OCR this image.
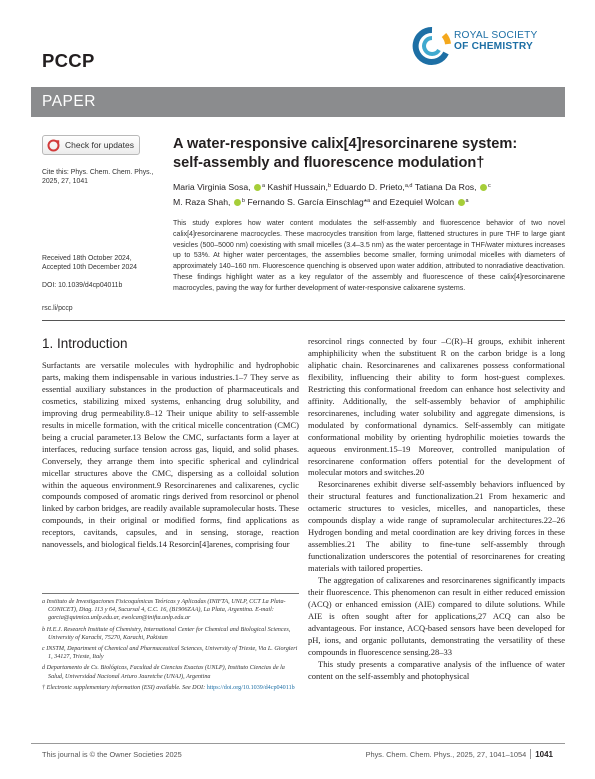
PCCP
ROYAL SOCIETY
OF CHEMISTRY
PAPER
Check for updates
Cite this: Phys. Chem. Chem. Phys.,
2025, 27, 1041
Received 18th October 2024,
Accepted 10th December 2024
DOI: 10.1039/d4cp04011b
rsc.li/pccp
A water-responsive calix[4]resorcinarene system:
self-assembly and fluorescence modulation†
Maria Virginia Sosa, $^a$ Kashif Hussain,$^b$ Eduardo D. Prieto,$^{a,d}$ Tatiana Da Ros, $^c$
M. Raza Shah, $^b$ Fernando S. García Einschlag*$^a$ and Ezequiel Wolcan $^a$
This study explores how water content modulates the self-assembly and fluorescence behavior of two novel calix[4]resorcinarene macrocycles. These macrocycles transition from large, flattened structures in pure THF to large giant vesicles (500–5000 nm) coexisting with small micelles (3.4–3.5 nm) as the water percentage in THF/water mixtures increases up to 53%. At higher water percentages, the assemblies become smaller, forming unimodal micelles with diameters of approximately 140–160 nm. Fluorescence quenching is observed upon water addition, attributed to nonradiative deactivation. These findings highlight water as a key regulator of the assembly and fluorescence of these calix[4]resorcinarene macrocycles, paving the way for further development of water-responsive calixarene systems.
1. Introduction

Surfactants are versatile molecules with hydrophilic and hydrophobic parts, making them indispensable in various industries.1–7 They serve as essential auxiliary substances in the production of pharmaceuticals and cosmetics, stabilizing mixed systems, enhancing drug solubility, and improving drug permeability.8–12 Their unique ability to self-assemble results in micelle formation, with the critical micelle concentration (CMC) being a crucial parameter.13 Below the CMC, surfactants form a layer at interfaces, reducing surface tension across gas, liquid, and solid phases. Conversely, they arrange them into specific spherical and cylindrical micellar structures above the CMC, dispersing as a colloidal solution within the aqueous environment.9 Resorcinarenes and calixarenes, cyclic compounds composed of aromatic rings derived from resorcinol or phenol linked by carbon bridges, are readily available supramolecular hosts. These compounds, in their original or modified forms, find applications as receptors, cavitands, capsules, and in sensing, storage, reaction nanovessels, and biological fields.14 Resorcin[4]arenes, comprising four

resorcinol rings connected by four –C(R)–H groups, exhibit inherent amphiphilicity when the substituent R on the carbon bridge is a long aliphatic chain. Resorcinarenes and calixarenes possess conformational flexibility, influencing their ability to form host-guest complexes. Restricting this conformational freedom can enhance host selectivity and affinity. Additionally, the self-assembly behavior of amphiphilic resorcinarenes, including water solubility and aggregate dimensions, is modulated by conformational dynamics. Self-assembly can mitigate conformational mobility by orienting hydrophilic moieties towards the aqueous environment.15–19 Moreover, controlled manipulation of resorcinarene conformation offers potential for the development of molecular motors and switches.20

Resorcinarenes exhibit diverse self-assembly behaviors influenced by their structural features and functionalization.21 From hexameric and octameric structures to vesicles, micelles, and nanoparticles, these compounds display a wide range of supramolecular architectures.22–26 Hydrogen bonding and metal coordination are key driving forces in these assemblies.21 The ability to fine-tune self-assembly through functionalization underscores the potential of resorcinarenes for creating materials with tailored properties.

The aggregation of calixarenes and resorcinarenes significantly impacts their fluorescence. This phenomenon can result in either reduced emission (ACQ) or enhanced emission (AIE) compared to dilute solutions. While AIE is often sought after for applications,27 ACQ can also be advantageous. For instance, ACQ-based sensors have been developed for pH, ions, and organic pollutants, demonstrating the versatility of these compounds in fluorescence sensing.28–33

This study presents a comparative analysis of the influence of water content on the self-assembly and photophysical

a Instituto de Investigaciones Fisicoquímicas Teóricas y Aplicadas (INIFTA, UNLP, CCT La Plata-CONICET), Diag. 113 y 64, Sucursal 4, C.C. 16, (B1906ZAA), La Plata, Argentina. E-mail: garcia@quimica.unlp.edu.ar, ewolcan@inifta.unlp.edu.ar

b H.E.J. Research Institute of Chemistry, International Center for Chemical and Biological Sciences, University of Karachi, 75270, Karachi, Pakistan

c INSTM, Department of Chemical and Pharmaceutical Sciences, University of Trieste, Via L. Giorgieri 1, 34127, Trieste, Italy

d Departamento de Cs. Biológicas, Facultad de Ciencias Exactas (UNLP), Instituto Ciencias de la Salud, Universidad Nacional Arturo Jauretche (UNAJ), Argentina

† Electronic supplementary information (ESI) available. See DOI: https://doi.org/10.1039/d4cp04011b

This journal is © the Owner Societies 2025	Phys. Chem. Chem. Phys., 2025, 27, 1041–1054 1041
